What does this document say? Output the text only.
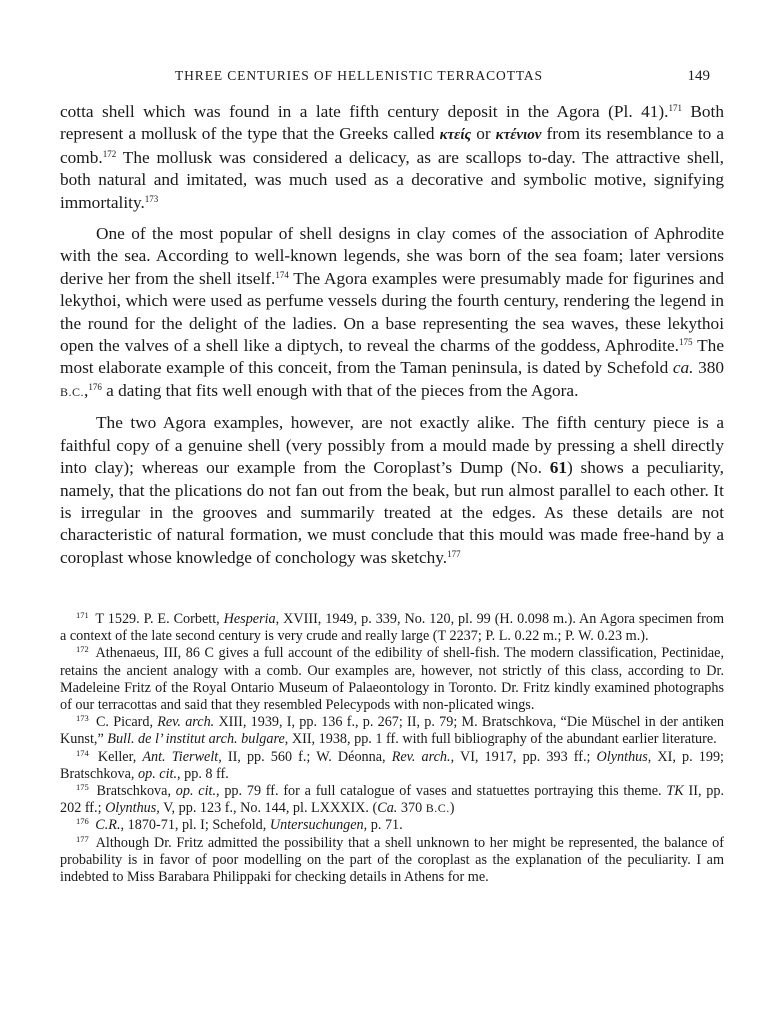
THREE CENTURIES OF HELLENISTIC TERRACOTTAS	149

cotta shell which was found in a late fifth century deposit in the Agora (Pl. 41).$^{171}$ Both represent a mollusk of the type that the Greeks called κτείς or κτένιον from its resemblance to a comb.$^{172}$ The mollusk was considered a delicacy, as are scallops to-day. The attractive shell, both natural and imitated, was much used as a decorative and symbolic motive, signifying immortality.$^{173}$

One of the most popular of shell designs in clay comes of the association of Aphrodite with the sea. According to well-known legends, she was born of the sea foam; later versions derive her from the shell itself.$^{174}$ The Agora examples were presumably made for figurines and lekythoi, which were used as perfume vessels during the fourth century, rendering the legend in the round for the delight of the ladies. On a base representing the sea waves, these lekythoi open the valves of a shell like a diptych, to reveal the charms of the goddess, Aphrodite.$^{175}$ The most elaborate example of this conceit, from the Taman peninsula, is dated by Schefold ca. 380 B.C.,$^{176}$ a dating that fits well enough with that of the pieces from the Agora.

The two Agora examples, however, are not exactly alike. The fifth century piece is a faithful copy of a genuine shell (very possibly from a mould made by pressing a shell directly into clay); whereas our example from the Coroplast’s Dump (No. 61) shows a peculiarity, namely, that the plications do not fan out from the beak, but run almost parallel to each other. It is irregular in the grooves and summarily treated at the edges. As these details are not characteristic of natural formation, we must conclude that this mould was made free-hand by a coroplast whose knowledge of conchology was sketchy.$^{177}$

$^{171}$ T 1529. P. E. Corbett, Hesperia, XVIII, 1949, p. 339, No. 120, pl. 99 (H. 0.098 m.). An Agora specimen from a context of the late second century is very crude and really large (T 2237; P. L. 0.22 m.; P. W. 0.23 m.).

$^{172}$ Athenaeus, III, 86 C gives a full account of the edibility of shell-fish. The modern classification, Pectinidae, retains the ancient analogy with a comb. Our examples are, however, not strictly of this class, according to Dr. Madeleine Fritz of the Royal Ontario Museum of Palaeontology in Toronto. Dr. Fritz kindly examined photographs of our terracottas and said that they resembled Pelecypods with non-plicated wings.

$^{173}$ C. Picard, Rev. arch. XIII, 1939, I, pp. 136 f., p. 267; II, p. 79; M. Bratschkova, “Die Müschel in der antiken Kunst,” Bull. de l’ institut arch. bulgare, XII, 1938, pp. 1 ff. with full bibliography of the abundant earlier literature.

$^{174}$ Keller, Ant. Tierwelt, II, pp. 560 f.; W. Déonna, Rev. arch., VI, 1917, pp. 393 ff.; Olynthus, XI, p. 199; Bratschkova, op. cit., pp. 8 ff.

$^{175}$ Bratschkova, op. cit., pp. 79 ff. for a full catalogue of vases and statuettes portraying this theme. TK II, pp. 202 ff.; Olynthus, V, pp. 123 f., No. 144, pl. LXXXIX. (Ca. 370 B.C.)

$^{176}$ C.R., 1870-71, pl. I; Schefold, Untersuchungen, p. 71.

$^{177}$ Although Dr. Fritz admitted the possibility that a shell unknown to her might be represented, the balance of probability is in favor of poor modelling on the part of the coroplast as the explanation of the peculiarity. I am indebted to Miss Barabara Philippaki for checking details in Athens for me.
